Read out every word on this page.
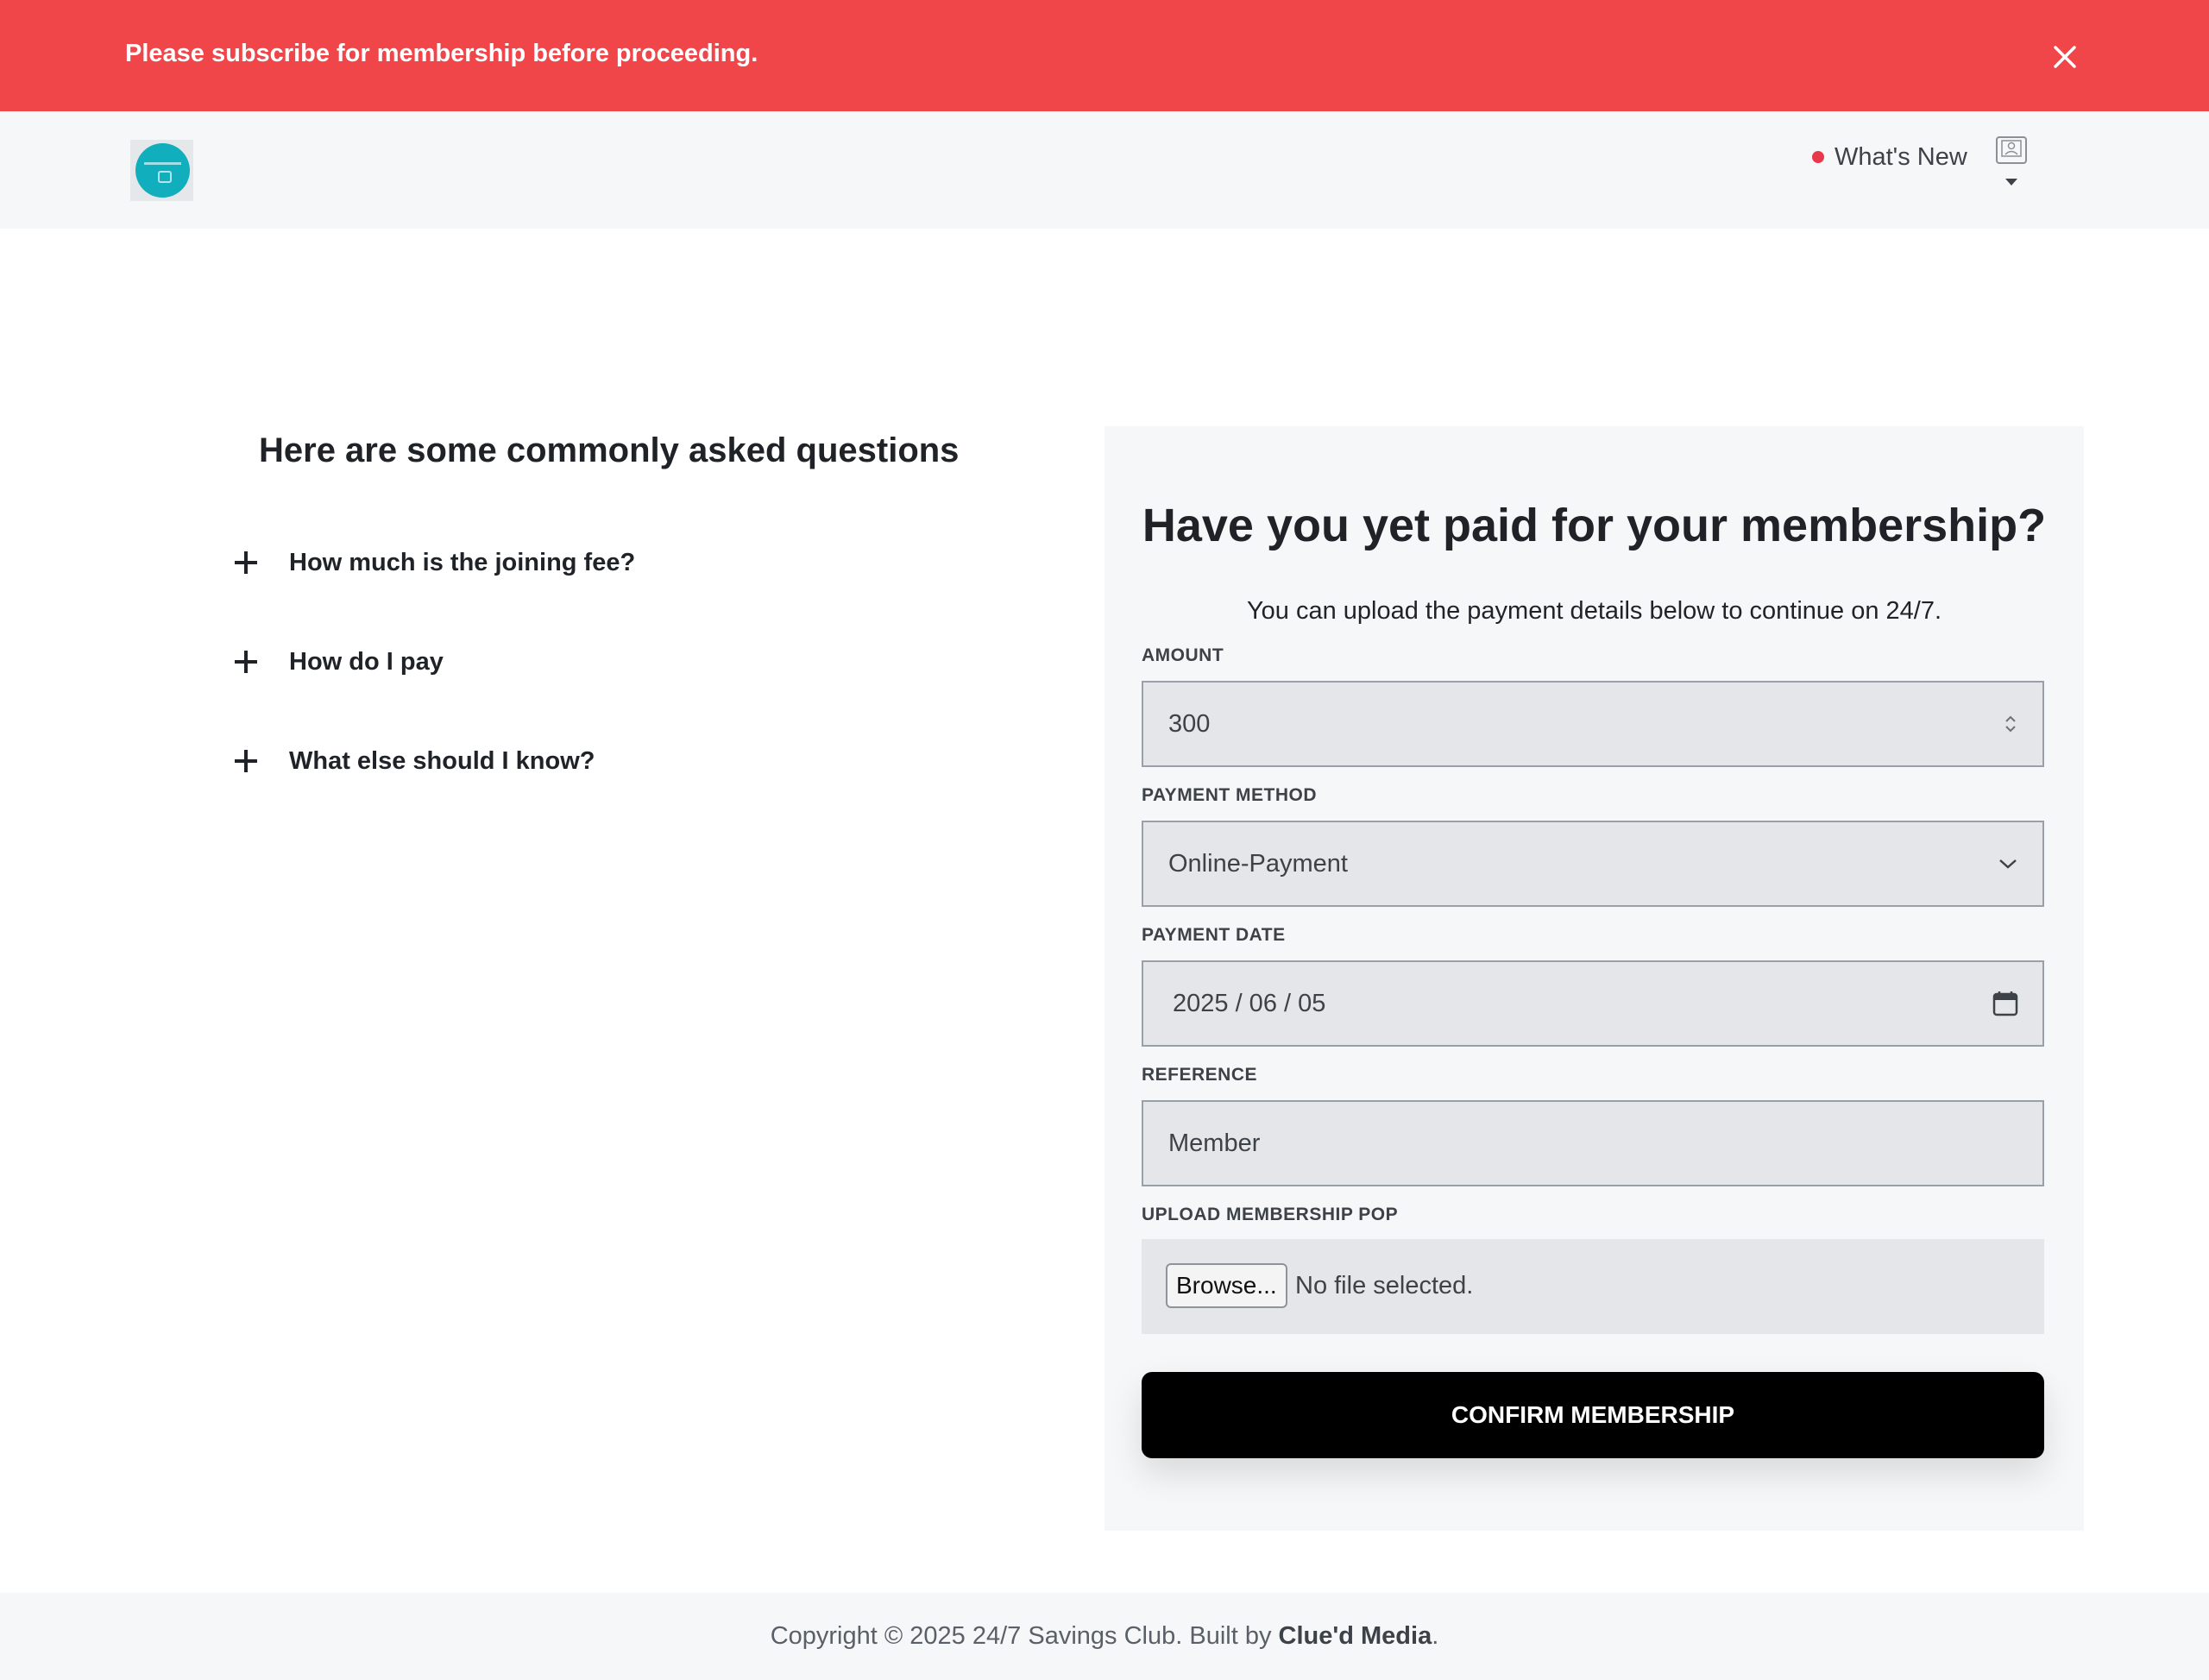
Please subscribe for membership before proceeding.
What's New
Here are some commonly asked questions
How much is the joining fee?
How do I pay
What else should I know?
Have you yet paid for your membership?
You can upload the payment details below to continue on 24/7.
AMOUNT
300
PAYMENT METHOD
Online-Payment
PAYMENT DATE
2025 / 06 / 05
REFERENCE
Member
UPLOAD MEMBERSHIP POP
Browse... No file selected.
CONFIRM MEMBERSHIP
Copyright © 2025 24/7 Savings Club. Built by Clue'd Media.
